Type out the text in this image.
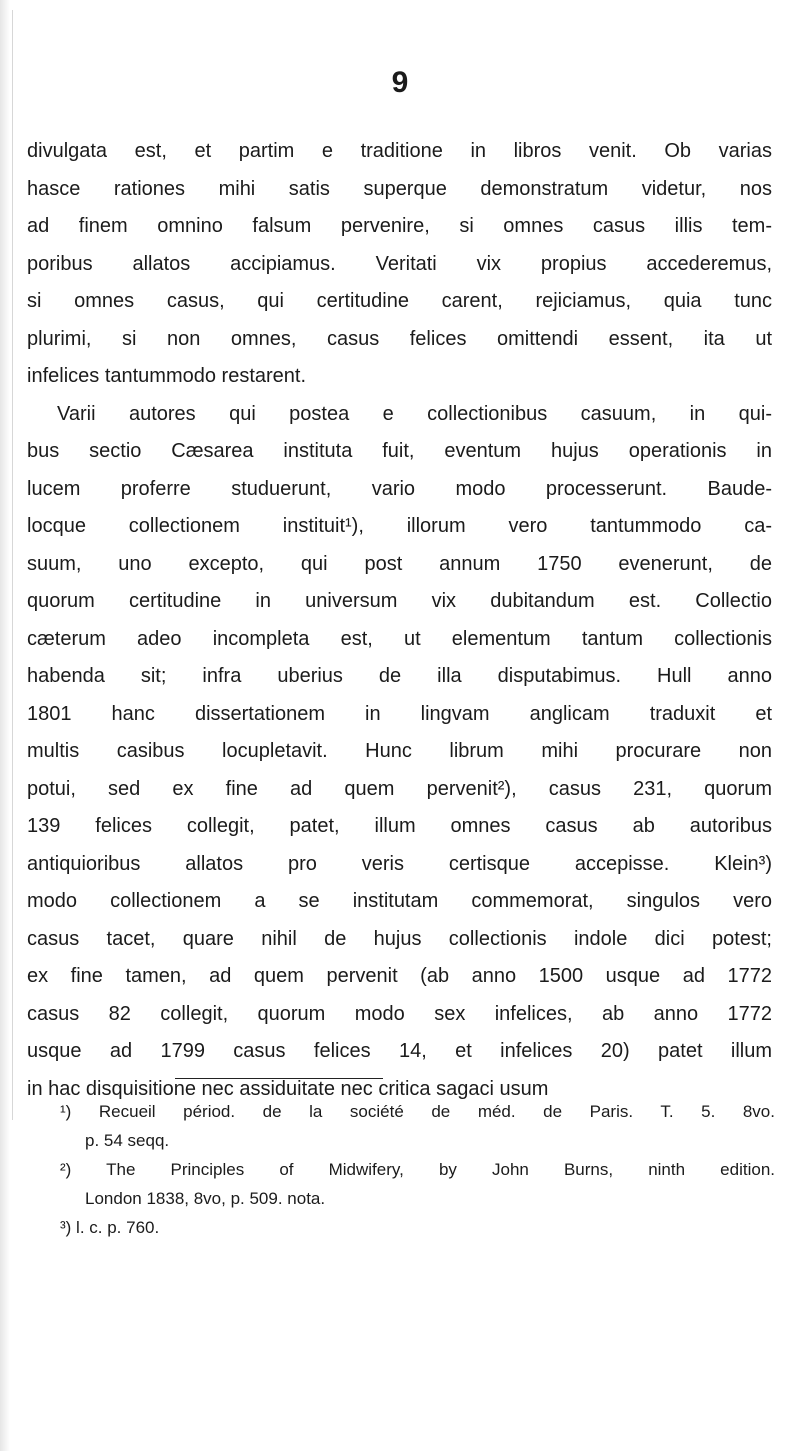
9
divulgata est, et partim e traditione in libros venit. Ob varias
hasce rationes mihi satis superque demonstratum videtur, nos
ad finem omnino falsum pervenire, si omnes casus illis tem-
poribus allatos accipiamus. Veritati vix propius accederemus,
si omnes casus, qui certitudine carent, rejiciamus, quia tunc
plurimi, si non omnes, casus felices omittendi essent, ita ut
infelices tantummodo restarent.
Varii autores qui postea e collectionibus casuum, in qui-
bus sectio Cæsarea instituta fuit, eventum hujus operationis in
lucem proferre studuerunt, vario modo processerunt. Baude-
locque collectionem instituit¹), illorum vero tantummodo ca-
suum, uno excepto, qui post annum 1750 evenerunt, de
quorum certitudine in universum vix dubitandum est. Collectio
cæterum adeo incompleta est, ut elementum tantum collectionis
habenda sit; infra uberius de illa disputabimus. Hull anno
1801 hanc dissertationem in lingvam anglicam traduxit et
multis casibus locupletavit. Hunc librum mihi procurare non
potui, sed ex fine ad quem pervenit²), casus 231, quorum
139 felices collegit, patet, illum omnes casus ab autoribus
antiquioribus allatos pro veris certisque accepisse. Klein³)
modo collectionem a se institutam commemorat, singulos vero
casus tacet, quare nihil de hujus collectionis indole dici potest;
ex fine tamen, ad quem pervenit (ab anno 1500 usque ad 1772
casus 82 collegit, quorum modo sex infelices, ab anno 1772
usque ad 1799 casus felices 14, et infelices 20) patet illum
in hac disquisitione nec assiduitate nec critica sagaci usum
¹) Recueil périod. de la société de méd. de Paris. T. 5. 8vo.
p. 54 seqq.
²) The Principles of Midwifery, by John Burns, ninth edition.
London 1838, 8vo, p. 509. nota.
³) l. c. p. 760.
